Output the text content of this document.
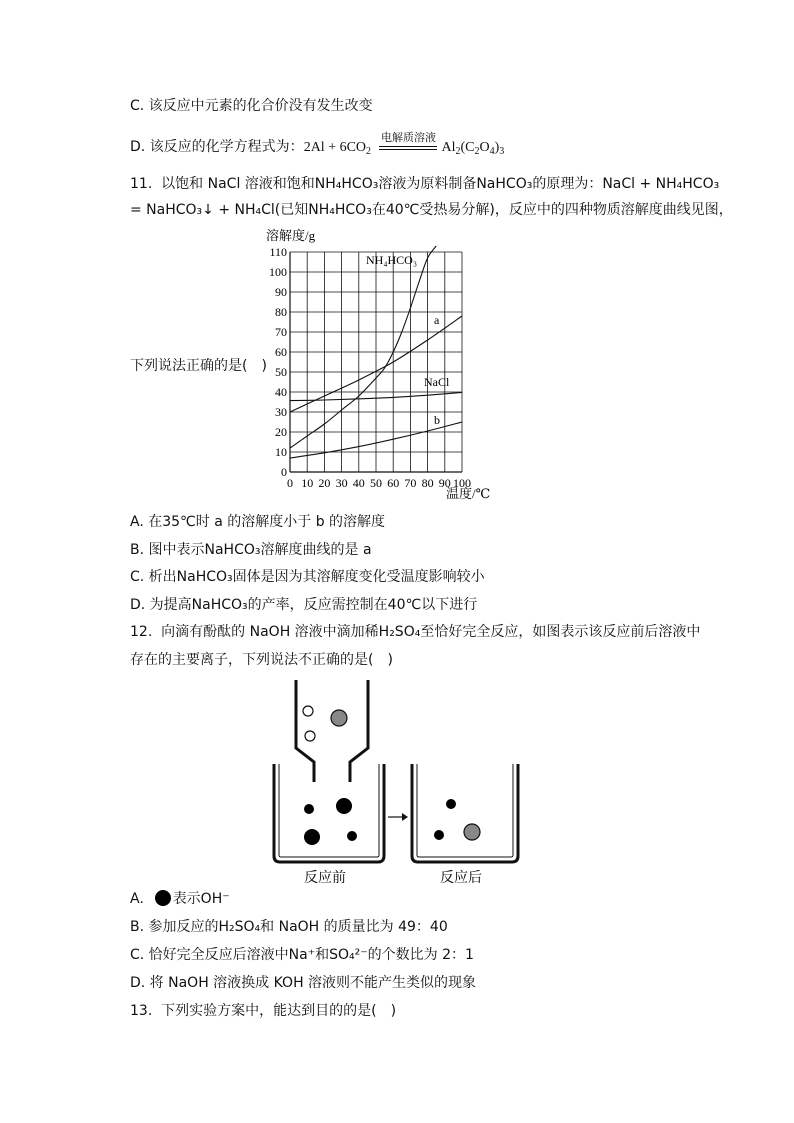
C. 该反应中元素的化合价没有发生改变
D. 该反应的化学方程式为：$2Al + 6CO_2$
电解质溶液
$Al_2(C_2O_4)_3$
11. 以饱和 NaCl 溶液和饱和NH₄HCO₃溶液为原料制备NaHCO₃的原理为：NaCl + NH₄HCO₃
= NaHCO₃↓ + NH₄Cl(已知NH₄HCO₃在40℃受热易分解)，反应中的四种物质溶解度曲线见图，
下列说法正确的是(　)
0 10 20 30 40 50 60 70 80 90 100
0
10
20
30
40
50
60
70
80
90
100
110
溶解度/g
温度/℃
NH₄HCO₃
a
NaCl
b
A. 在35℃时 a 的溶解度小于 b 的溶解度
B. 图中表示NaHCO₃溶解度曲线的是 a
C. 析出NaHCO₃固体是因为其溶解度变化受温度影响较小
D. 为提高NaHCO₃的产率，反应需控制在40℃以下进行
12. 向滴有酚酞的 NaOH 溶液中滴加稀H₂SO₄至恰好完全反应，如图表示该反应前后溶液中
存在的主要离子，下列说法不正确的是(　)
反应前	反应后
A. 表示OH⁻
B. 参加反应的H₂SO₄和 NaOH 的质量比为 49：40
C. 恰好完全反应后溶液中Na⁺和SO₄²⁻的个数比为 2：1
D. 将 NaOH 溶液换成 KOH 溶液则不能产生类似的现象
13. 下列实验方案中，能达到目的的是(　)
